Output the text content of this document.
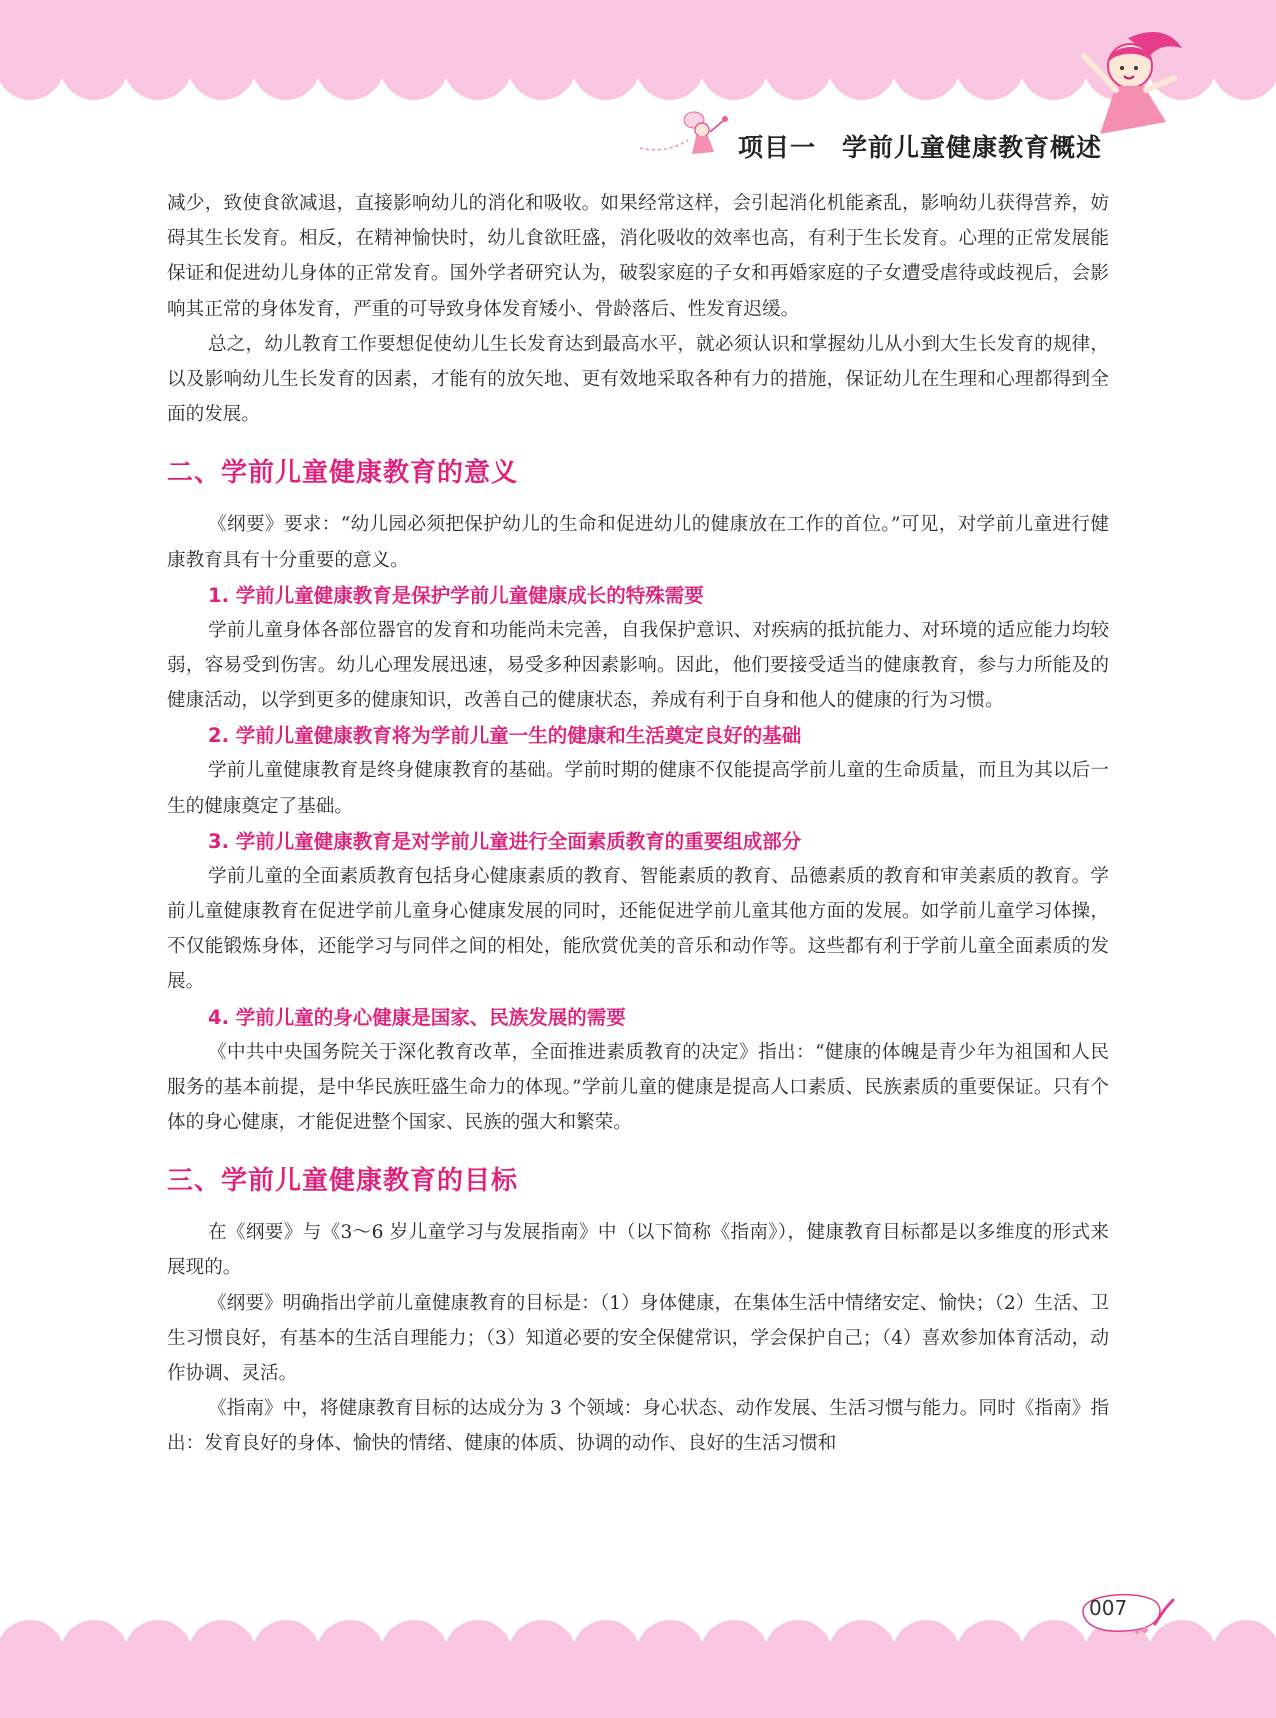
项目一 学前儿童健康教育概述

减少，致使食欲减退，直接影响幼儿的消化和吸收。如果经常这样，会引起消化机能紊乱，影响幼儿获得营养，妨碍其生长发育。相反，在精神愉快时，幼儿食欲旺盛，消化吸收的效率也高，有利于生长发育。心理的正常发展能保证和促进幼儿身体的正常发育。国外学者研究认为，破裂家庭的子女和再婚家庭的子女遭受虐待或歧视后，会影响其正常的身体发育，严重的可导致身体发育矮小、骨龄落后、性发育迟缓。

总之，幼儿教育工作要想促使幼儿生长发育达到最高水平，就必须认识和掌握幼儿从小到大生长发育的规律，以及影响幼儿生长发育的因素，才能有的放矢地、更有效地采取各种有力的措施，保证幼儿在生理和心理都得到全面的发展。

二、学前儿童健康教育的意义

《纲要》要求：“幼儿园必须把保护幼儿的生命和促进幼儿的健康放在工作的首位。”可见，对学前儿童进行健康教育具有十分重要的意义。

1. 学前儿童健康教育是保护学前儿童健康成长的特殊需要

学前儿童身体各部位器官的发育和功能尚未完善，自我保护意识、对疾病的抵抗能力、对环境的适应能力均较弱，容易受到伤害。幼儿心理发展迅速，易受多种因素影响。因此，他们要接受适当的健康教育，参与力所能及的健康活动，以学到更多的健康知识，改善自己的健康状态，养成有利于自身和他人的健康的行为习惯。

2. 学前儿童健康教育将为学前儿童一生的健康和生活奠定良好的基础

学前儿童健康教育是终身健康教育的基础。学前时期的健康不仅能提高学前儿童的生命质量，而且为其以后一生的健康奠定了基础。

3. 学前儿童健康教育是对学前儿童进行全面素质教育的重要组成部分

学前儿童的全面素质教育包括身心健康素质的教育、智能素质的教育、品德素质的教育和审美素质的教育。学前儿童健康教育在促进学前儿童身心健康发展的同时，还能促进学前儿童其他方面的发展。如学前儿童学习体操，不仅能锻炼身体，还能学习与同伴之间的相处，能欣赏优美的音乐和动作等。这些都有利于学前儿童全面素质的发展。

4. 学前儿童的身心健康是国家、民族发展的需要

《中共中央国务院关于深化教育改革，全面推进素质教育的决定》指出：“健康的体魄是青少年为祖国和人民服务的基本前提，是中华民族旺盛生命力的体现。”学前儿童的健康是提高人口素质、民族素质的重要保证。只有个体的身心健康，才能促进整个国家、民族的强大和繁荣。

三、学前儿童健康教育的目标

在《纲要》与《3～6 岁儿童学习与发展指南》中（以下简称《指南》），健康教育目标都是以多维度的形式来展现的。

《纲要》明确指出学前儿童健康教育的目标是：（1）身体健康，在集体生活中情绪安定、愉快；（2）生活、卫生习惯良好，有基本的生活自理能力；（3）知道必要的安全保健常识，学会保护自己；（4）喜欢参加体育活动，动作协调、灵活。

《指南》中，将健康教育目标的达成分为 3 个领域：身心状态、动作发展、生活习惯与能力。同时《指南》指出：发育良好的身体、愉快的情绪、健康的体质、协调的动作、良好的生活习惯和

007
